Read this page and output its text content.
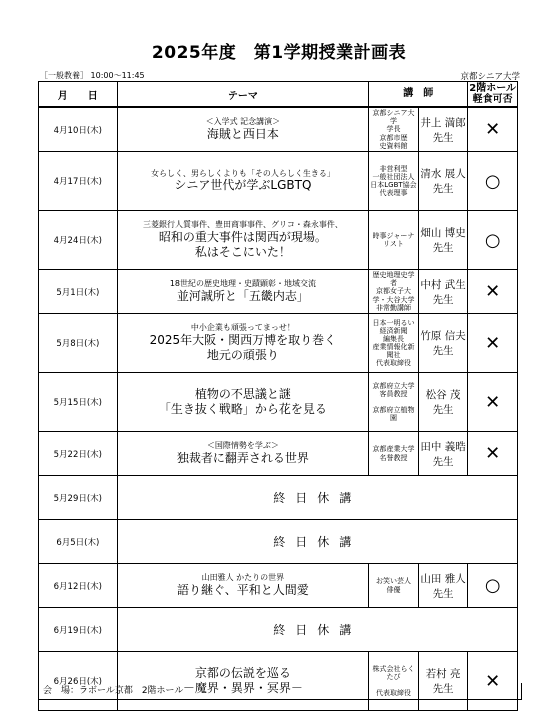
2025年度　第1学期授業計画表
［一般教養］ 10:00～11:45	京都シニア大学
月　　日	テーマ	講　師		2階ホール
軽食可否
4月10日(木)	＜入学式 記念講演＞
海賊と西日本	京都シニア大学
学長
京都市歴
史資料館	井上 満郎 先生	✕
4月17日(木)	女らしく、男らしくよりも「その人らしく生きる」
シニア世代が学ぶLGBTQ	非営利型
一般社団法人
日本LGBT協会
代表理事	清水 展人 先生	○
4月24日(木)	三菱銀行人質事件、豊田商事事件、グリコ・森永事件、
昭和の重大事件は関西が現場。
私はそこにいた！	時事ジャーナリスト	畑山 博史 先生	○
5月1日(木)	18世紀の歴史地理・史蹟顕彰・地域交流
並河誠所と「五畿内志」	歴史地理史学者
京都女子大学・大谷大学
非常勤講師	中村 武生 先生	✕
5月8日(木)	中小企業も頑張ってまっせ！
2025年大阪・関西万博を取り巻く
地元の頑張り	日本一明るい経済新聞
編集長
産業情報化新聞社
代表取締役	竹原 信夫 先生	✕
5月15日(木)	植物の不思議と謎
「生き抜く戦略」から花を見る	京都府立大学
客員教授

京都府立植物園	松谷 茂 先生	✕
5月22日(木)	＜国際情勢を学ぶ＞
独裁者に翻弄される世界	京都産業大学
名誉教授	田中 義晧 先生	✕
5月29日(木)	終日休講			
6月5日(木)	終日休講			
6月12日(木)	山田雅人 かたりの世界
語り継ぐ、平和と人間愛	お笑い芸人
俳優	山田 雅人 先生	○
6月19日(木)	終日休講			
6月26日(木)	京都の伝説を巡る
－魔界・異界・冥界－	株式会社らくたび

代表取締役	若村 亮 先生	✕
会　場：ラボール京都　2階ホール
